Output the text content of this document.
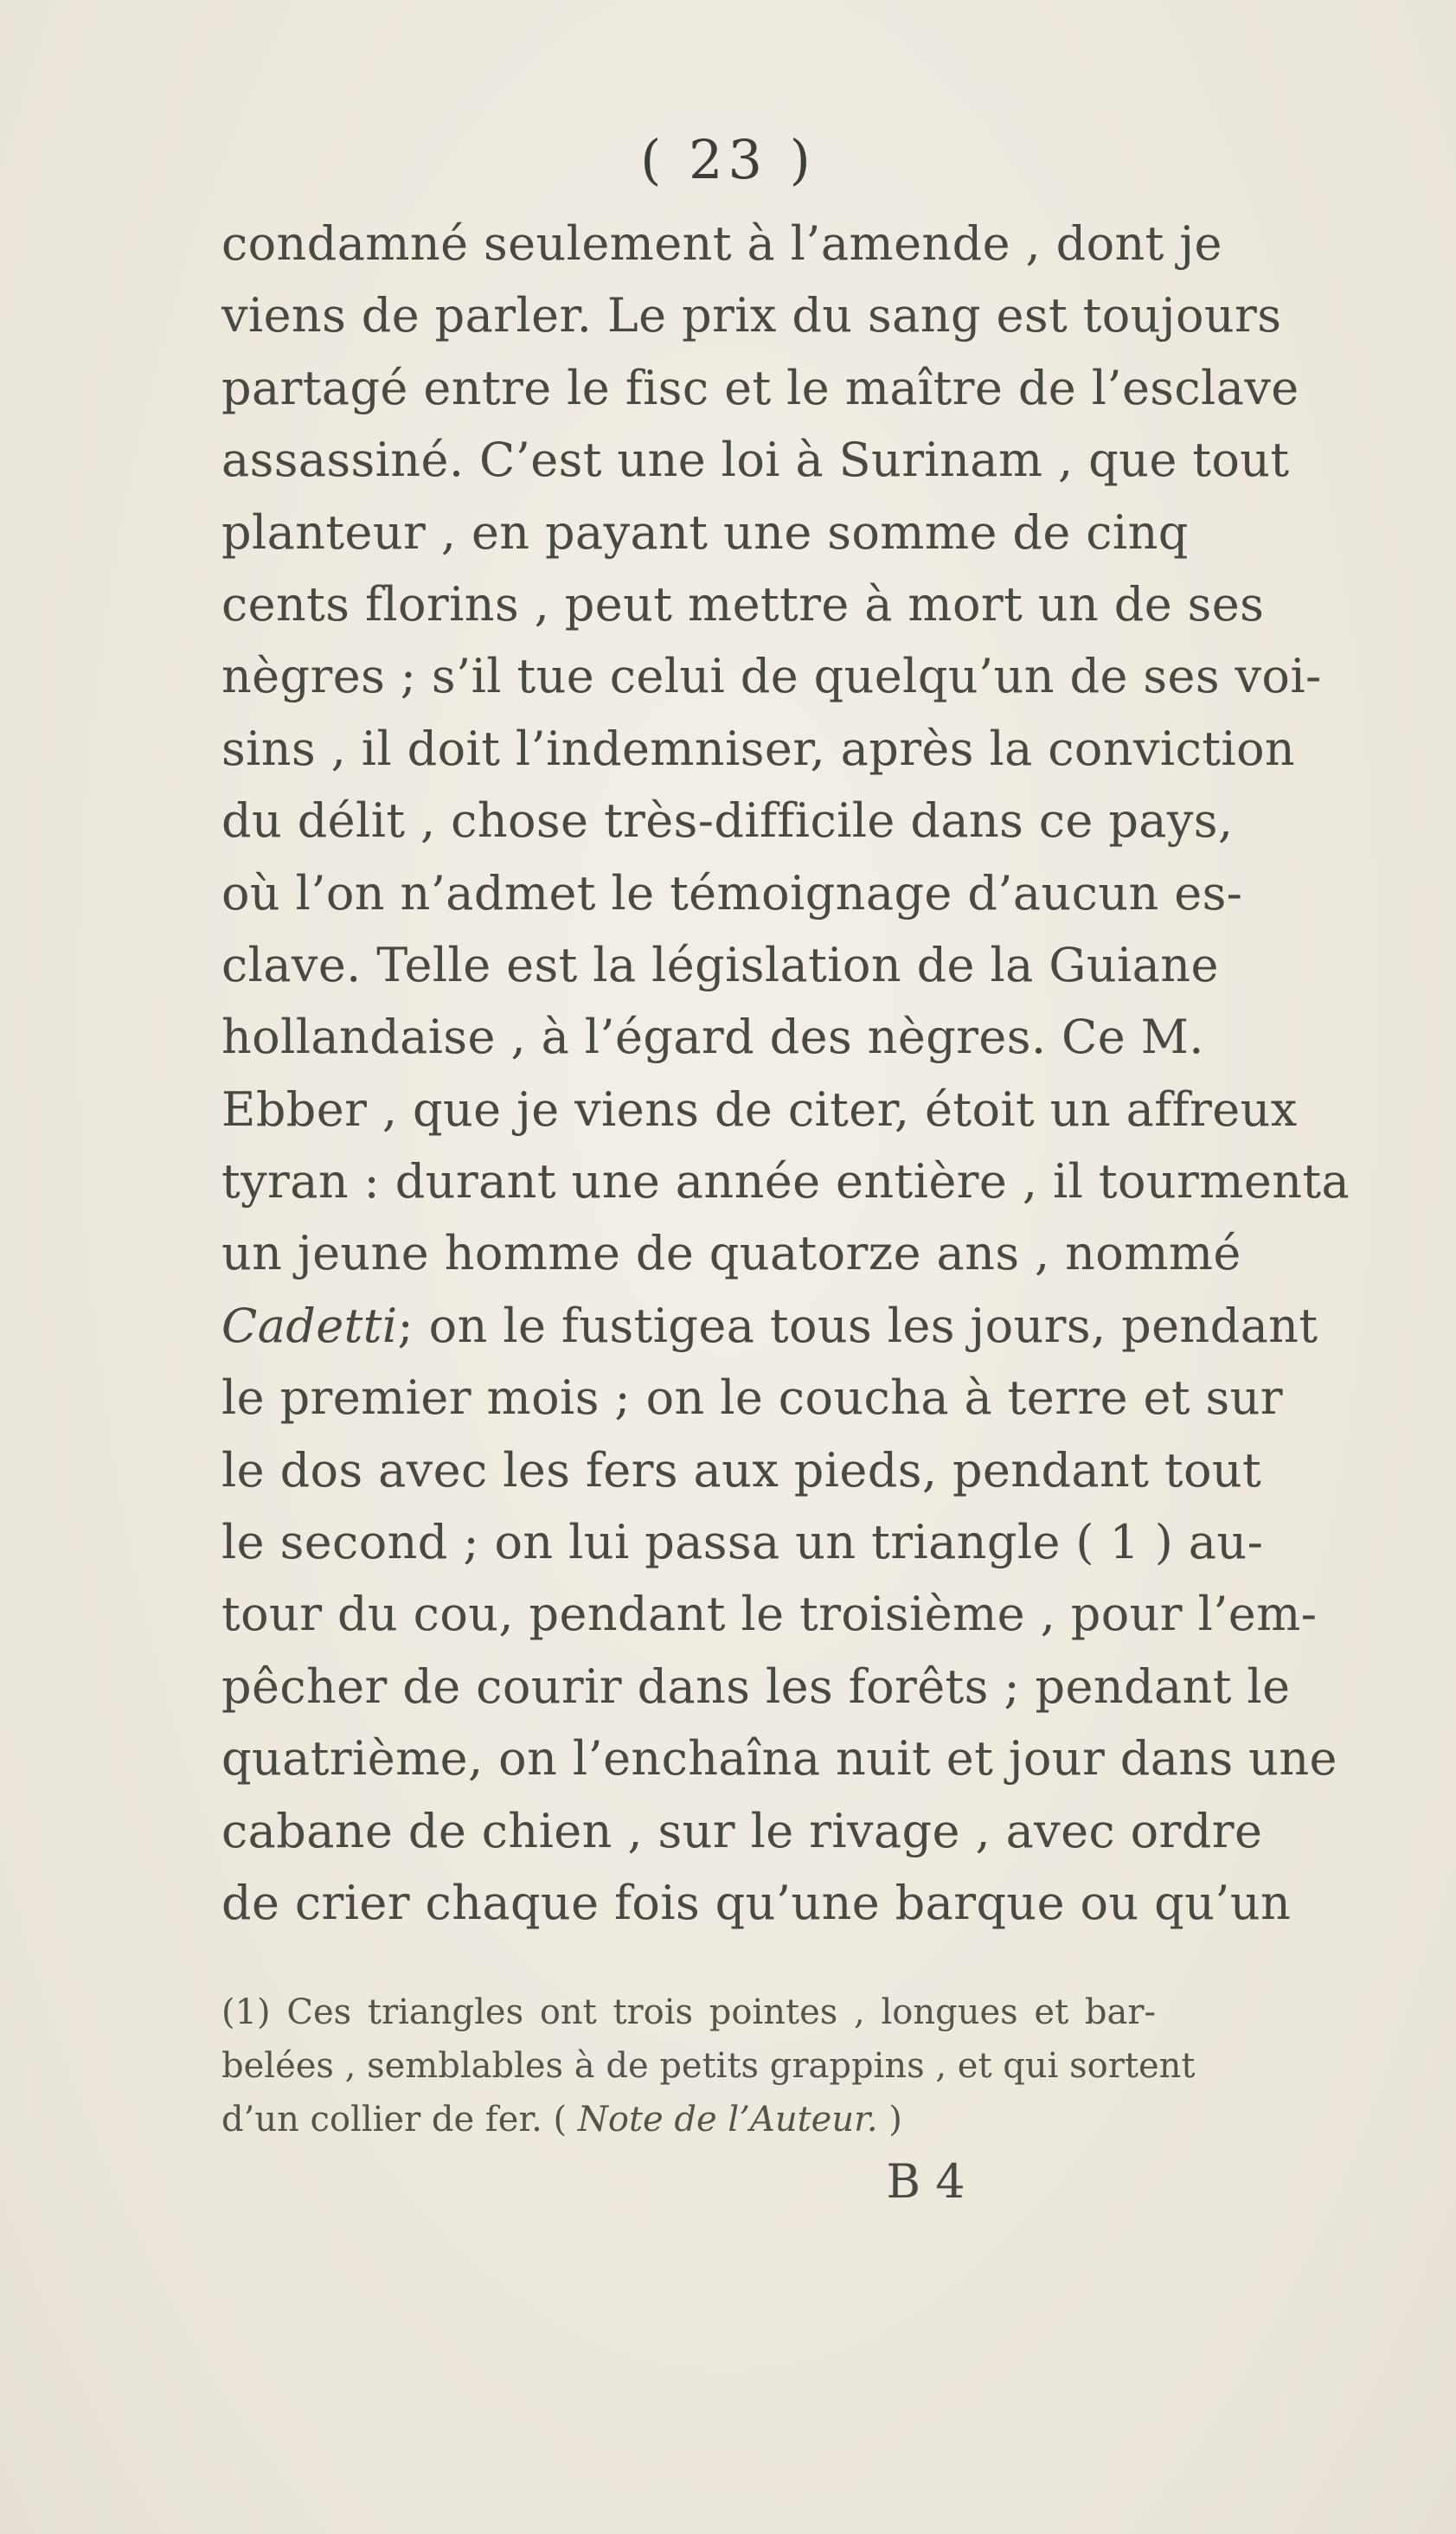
( 23 )
condamné seulement à l’amende , dont je
viens de parler. Le prix du sang est toujours
partagé entre le fisc et le maître de l’esclave
assassiné. C’est une loi à Surinam , que tout
planteur , en payant une somme de cinq
cents florins , peut mettre à mort un de ses
nègres ; s’il tue celui de quelqu’un de ses voi-
sins , il doit l’indemniser, après la conviction
du délit , chose très-difficile dans ce pays,
où l’on n’admet le témoignage d’aucun es-
clave. Telle est la législation de la Guiane
hollandaise , à l’égard des nègres. Ce M.
Ebber , que je viens de citer, étoit un affreux
tyran : durant une année entière , il tourmenta
un jeune homme de quatorze ans , nommé
Cadetti; on le fustigea tous les jours, pendant
le premier mois ; on le coucha à terre et sur
le dos avec les fers aux pieds, pendant tout
le second ; on lui passa un triangle ( 1 ) au-
tour du cou, pendant le troisième , pour l’em-
pêcher de courir dans les forêts ; pendant le
quatrième, on l’enchaîna nuit et jour dans une
cabane de chien , sur le rivage , avec ordre
de crier chaque fois qu’une barque ou qu’un
(1) Ces triangles ont trois pointes , longues et bar-
belées , semblables à de petits grappins , et qui sortent
d’un collier de fer. ( Note de l’Auteur. )
B 4
